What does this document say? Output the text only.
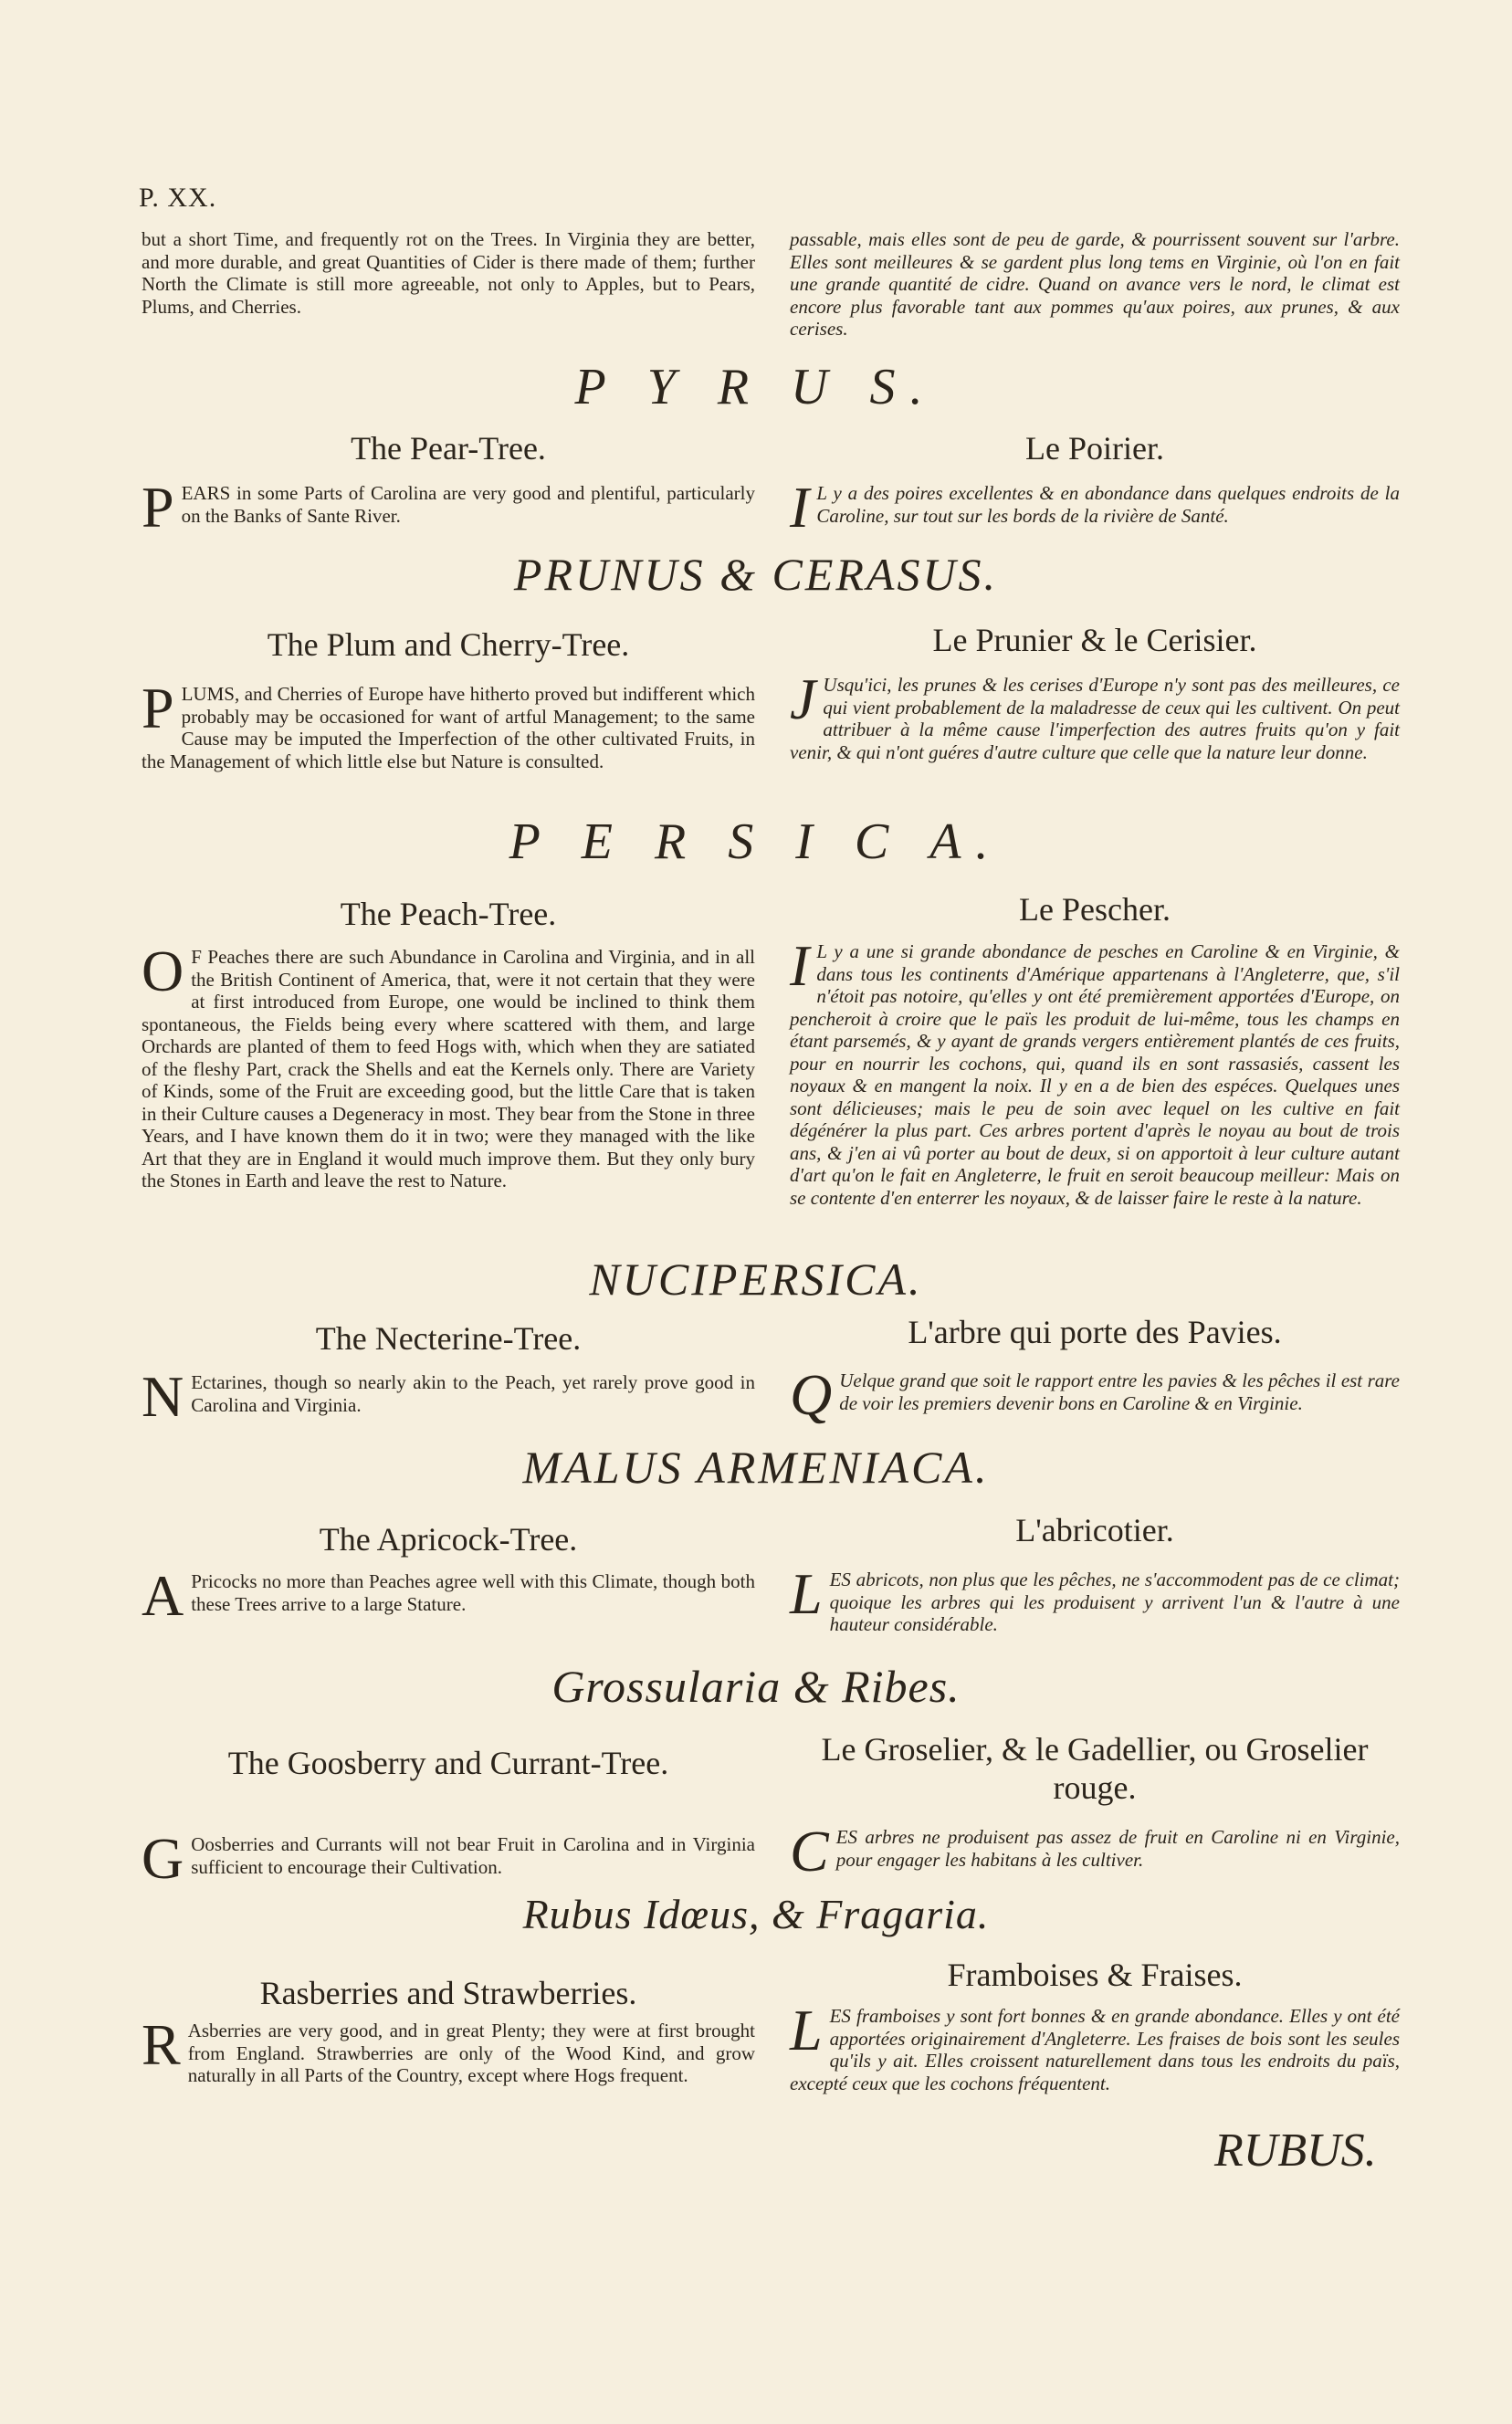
P. XX.
but a short Time, and frequently rot on the Trees. In Virginia they are better, and more durable, and great Quantities of Cider is there made of them; further North the Climate is still more agreeable, not only to Apples, but to Pears, Plums, and Cherries.
passable, mais elles sont de peu de garde, & pourrissent souvent sur l'arbre. Elles sont meilleures & se gardent plus long tems en Virginie, où l'on en fait une grande quantité de cidre. Quand on avance vers le nord, le climat est encore plus favorable tant aux pommes qu'aux poires, aux prunes, & aux cerises.
P Y R U S.
The Pear-Tree.	Le Poirier.
PEARS in some Parts of Carolina are very good and plentiful, particularly on the Banks of Sante River.	I L y a des poires excellentes & en abondance dans quelques endroits de la Caroline, sur tout sur les bords de la rivière de Santé.
PRUNUS & CERASUS.
The Plum and Cherry-Tree.	Le Prunier & le Cerisier.
PLUMS, and Cherries of Europe have hitherto proved but indifferent which probably may be occasioned for want of artful Management; to the same Cause may be imputed the Imperfection of the other cultivated Fruits, in the Management of which little else but Nature is consulted.
J Usqu'ici, les prunes & les cerises d'Europe n'y sont pas des meilleures, ce qui vient probablement de la maladresse de ceux qui les cultivent. On peut attribuer à la même cause l'imperfection des autres fruits qu'on y fait venir, & qui n'ont guéres d'autre culture que celle que la nature leur donne.
P E R S I C A.
The Peach-Tree.	Le Pescher.
O F Peaches there are such Abundance in Carolina and Virginia, and in all the British Continent of America, that, were it not certain that they were at first introduced from Europe, one would be inclined to think them spontaneous, the Fields being every where scattered with them, and large Orchards are planted of them to feed Hogs with, which when they are satiated of the fleshy Part, crack the Shells and eat the Kernels only. There are Variety of Kinds, some of the Fruit are exceeding good, but the little Care that is taken in their Culture causes a Degeneracy in most. They bear from the Stone in three Years, and I have known them do it in two; were they managed with the like Art that they are in England it would much improve them. But they only bury the Stones in Earth and leave the rest to Nature.
I L y a une si grande abondance de pesches en Caroline & en Virginie, & dans tous les continents d'Amérique appartenans à l'Angleterre, que, s'il n'étoit pas notoire, qu'elles y ont été premièrement apportées d'Europe, on pencheroit à croire que le païs les produit de lui-même, tous les champs en étant parsemés, & y ayant de grands vergers entièrement plantés de ces fruits, pour en nourrir les cochons, qui, quand ils en sont rassasiés, cassent les noyaux & en mangent la noix. Il y en a de bien des espéces. Quelques unes sont délicieuses; mais le peu de soin avec lequel on les cultive en fait dégénérer la plus part. Ces arbres portent d'après le noyau au bout de trois ans, & j'en ai vû porter au bout de deux, si on apportoit à leur culture autant d'art qu'on le fait en Angleterre, le fruit en seroit beaucoup meilleur: Mais on se contente d'en enterrer les noyaux, & de laisser faire le reste à la nature.
NUCIPERSICA.
The Necterine-Tree.	L'arbre qui porte des Pavies.
N Ectarines, though so nearly akin to the Peach, yet rarely prove good in Carolina and Virginia.	Q Uelque grand que soit le rapport entre les pavies & les pêches il est rare de voir les premiers devenir bons en Caroline & en Virginie.
MALUS ARMENIACA.
The Apricock-Tree.	L'abricotier.
A Pricocks no more than Peaches agree well with this Climate, though both these Trees arrive to a large Stature.	LES abricots, non plus que les pêches, ne s'accommodent pas de ce climat; quoique les arbres qui les produisent y arrivent l'un & l'autre à une hauteur considérable.
Grossularia & Ribes.
The Goosberry and Currant-Tree.	Le Groselier, & le Gadellier, ou Groselier rouge.
G Oosberries and Currants will not bear Fruit in Carolina and in Virginia sufficient to encourage their Cultivation.	CES arbres ne produisent pas assez de fruit en Caroline ni en Virginie, pour engager les habitans à les cultiver.
Rubus Idœus, & Fragaria.
Rasberries and Strawberries.	Framboises & Fraises.
R Asberries are very good, and in great Plenty; they were at first brought from England. Strawberries are only of the Wood Kind, and grow naturally in all Parts of the Country, except where Hogs frequent.
LES framboises y sont fort bonnes & en grande abondance. Elles y ont été apportées originairement d'Angleterre. Les fraises de bois sont les seules qu'ils y ait. Elles croissent naturellement dans tous les endroits du païs, excepté ceux que les cochons fréquentent.
RUBUS.
